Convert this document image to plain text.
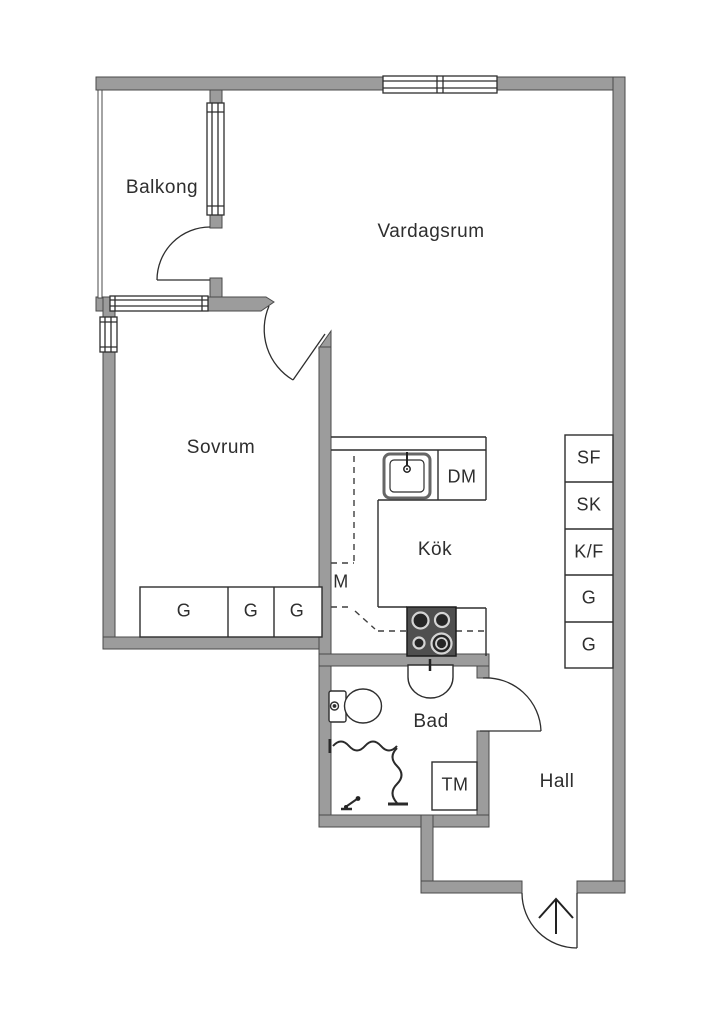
Balkong
Vardagsrum
Sovrum
Kök
Bad
Hall
M
DM
TM
SF
SK
K/F
G
G
G	G G
